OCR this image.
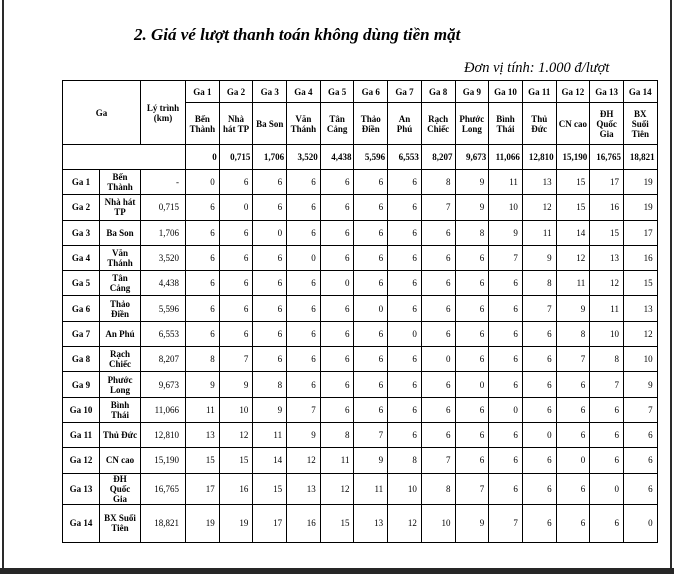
2. Giá vé lượt thanh toán không dùng tiền mặt

Đơn vị tính: 1.000 đ/lượt

Ga		Lý trình (km)	Ga 1	Ga 2	Ga 3	Ga 4	Ga 5	Ga 6	Ga 7	Ga 8	Ga 9	Ga 10	Ga 11	Ga 12	Ga 13	Ga 14
			Bến Thành	Nhà hát TP	Ba Son	Văn Thánh	Tân Cảng	Thảo Điền	An Phú	Rạch Chiếc	Phước Long	Bình Thái	Thủ Đức	CN cao	ĐH Quốc Gia	BX Suối Tiên
			0	0,715	1,706	3,520	4,438	5,596	6,553	8,207	9,673	11,066	12,810	15,190	16,765	18,821
Ga 1	Bến Thành	-	0	6	6	6	6	6	6	8	9	11	13	15	17	19
Ga 2	Nhà hát TP	0,715	6	0	6	6	6	6	6	7	9	10	12	15	16	19
Ga 3	Ba Son	1,706	6	6	0	6	6	6	6	6	8	9	11	14	15	17
Ga 4	Văn Thánh	3,520	6	6	6	0	6	6	6	6	6	7	9	12	13	16
Ga 5	Tân Cảng	4,438	6	6	6	6	0	6	6	6	6	6	8	11	12	15
Ga 6	Thảo Điền	5,596	6	6	6	6	6	0	6	6	6	6	7	9	11	13
Ga 7	An Phú	6,553	6	6	6	6	6	6	0	6	6	6	6	8	10	12
Ga 8	Rạch Chiếc	8,207	8	7	6	6	6	6	6	0	6	6	6	7	8	10
Ga 9	Phước Long	9,673	9	9	8	6	6	6	6	6	0	6	6	6	7	9
Ga 10	Bình Thái	11,066	11	10	9	7	6	6	6	6	6	0	6	6	6	7
Ga 11	Thủ Đức	12,810	13	12	11	9	8	7	6	6	6	6	0	6	6	6
Ga 12	CN cao	15,190	15	15	14	12	11	9	8	7	6	6	6	0	6	6
Ga 13	ĐH Quốc Gia	16,765	17	16	15	13	12	11	10	8	7	6	6	6	0	6
Ga 14	BX Suối Tiên	18,821	19	19	17	16	15	13	12	10	9	7	6	6	6	0
